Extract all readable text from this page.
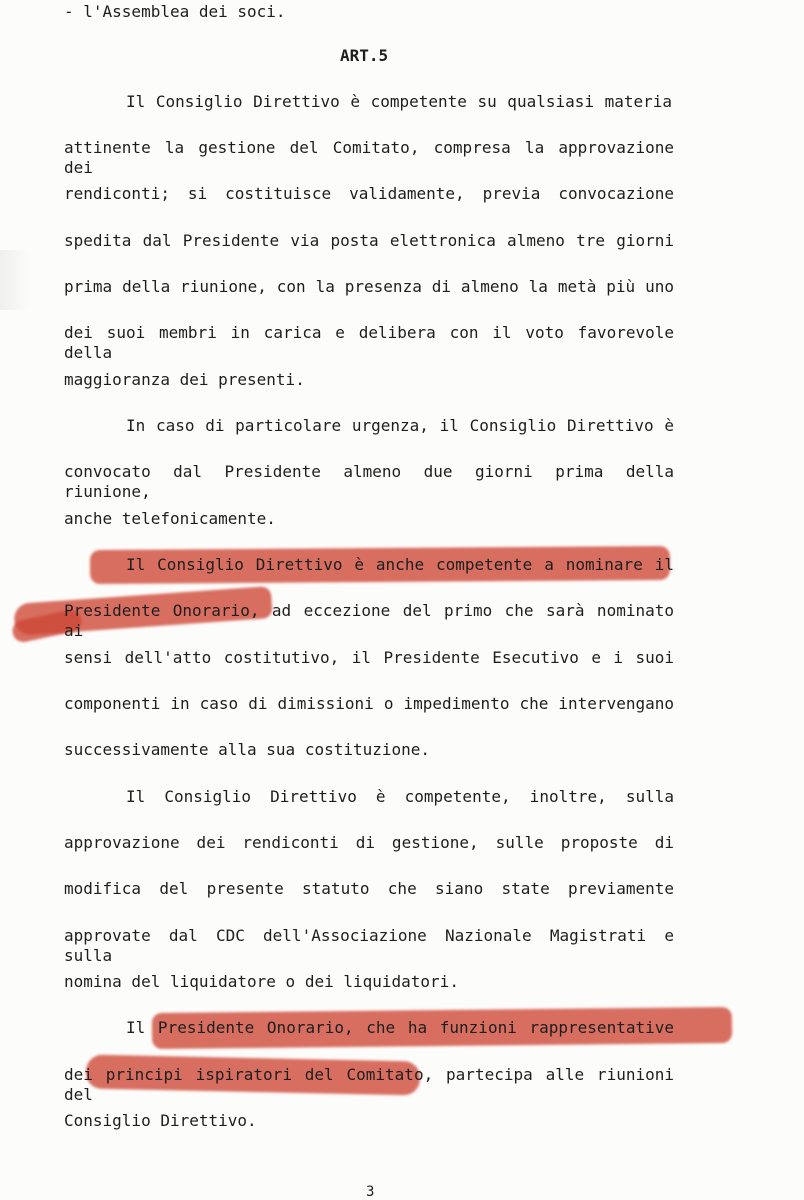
- l'Assemblea dei soci.
ART.5
Il Consiglio Direttivo è competente su qualsiasi materia
attinente la gestione del Comitato, compresa la approvazione dei
rendiconti; si costituisce validamente, previa convocazione
spedita dal Presidente via posta elettronica almeno tre giorni
prima della riunione, con la presenza di almeno la metà più uno
dei suoi membri in carica e delibera con il voto favorevole della
maggioranza dei presenti.
In caso di particolare urgenza, il Consiglio Direttivo è
convocato dal Presidente almeno due giorni prima della riunione,
anche telefonicamente.
Il Consiglio Direttivo è anche competente a nominare il
Presidente Onorario, ad eccezione del primo che sarà nominato ai
sensi dell'atto costitutivo, il Presidente Esecutivo e i suoi
componenti in caso di dimissioni o impedimento che intervengano
successivamente alla sua costituzione.
Il Consiglio Direttivo è competente, inoltre, sulla
approvazione dei rendiconti di gestione, sulle proposte di
modifica del presente statuto che siano state previamente
approvate dal CDC dell'Associazione Nazionale Magistrati e sulla
nomina del liquidatore o dei liquidatori.
Il Presidente Onorario, che ha funzioni rappresentative
dei principi ispiratori del Comitato, partecipa alle riunioni del
Consiglio Direttivo.
3
